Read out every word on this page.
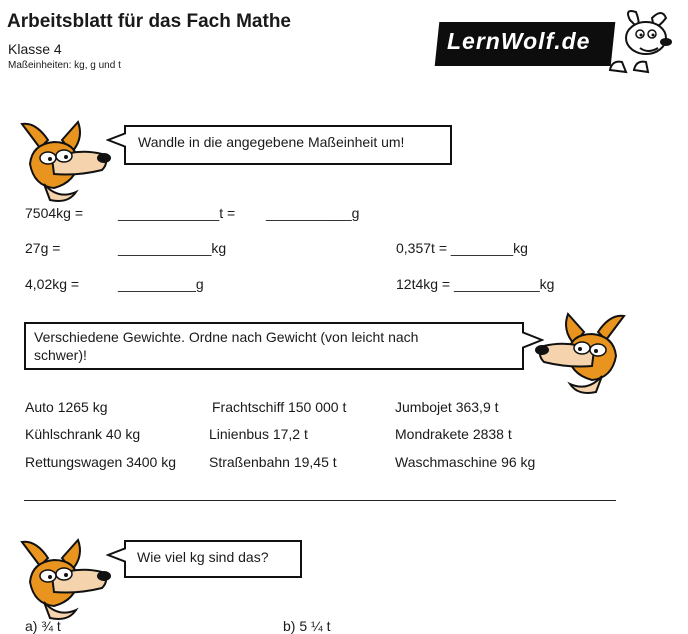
Arbeitsblatt für das Fach Mathe
Klasse 4
Maßeinheiten: kg, g und t
LernWolf.de
Wandle in die angegebene Maßeinheit um!
7504kg =	_____________t = ___________g
27g =	____________kg	0,357t = ________kg
4,02kg =	__________g	12t4kg = ___________kg
Verschiedene Gewichte. Ordne nach Gewicht (von leicht nach
schwer)!
Auto 1265 kg	Frachtschiff 150 000 t	Jumbojet 363,9 t
Kühlschrank 40 kg	Linienbus 17,2 t	Mondrakete 2838 t
Rettungswagen 3400 kg Straßenbahn 19,45 t	Waschmaschine 96 kg
Wie viel kg sind das?
a) ¾ t	b) 5 ¼ t
